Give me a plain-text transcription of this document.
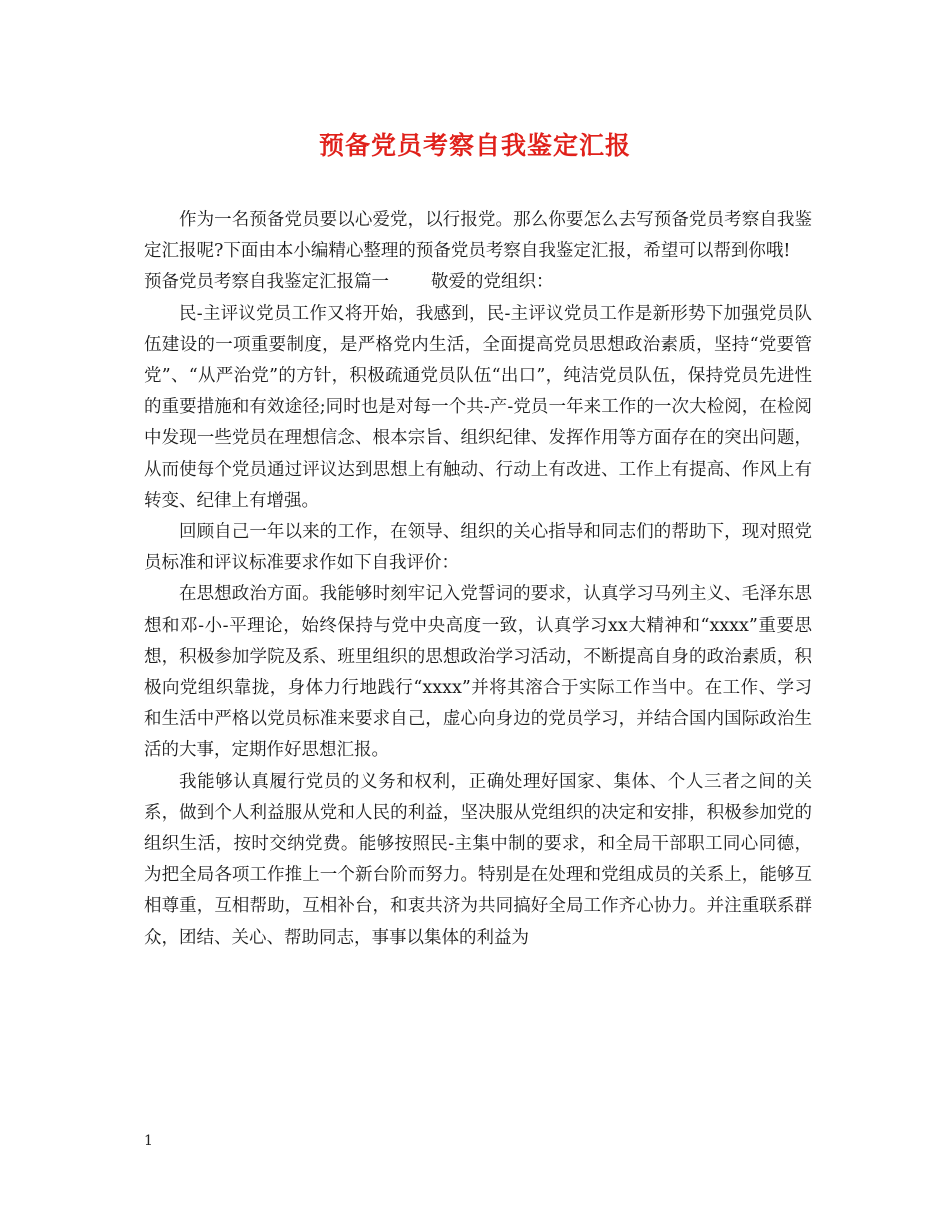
预备党员考察自我鉴定汇报

作为一名预备党员要以心爱党，以行报党。那么你要怎么去写预备党员考察自我鉴定汇报呢?下面由本小编精心整理的预备党员考察自我鉴定汇报，希望可以帮到你哦!

预备党员考察自我鉴定汇报篇一 敬爱的党组织：

民-主评议党员工作又将开始，我感到，民-主评议党员工作是新形势下加强党员队伍建设的一项重要制度，是严格党内生活，全面提高党员思想政治素质，坚持“党要管党”、“从严治党”的方针，积极疏通党员队伍“出口”，纯洁党员队伍，保持党员先进性的重要措施和有效途径;同时也是对每一个共-产-党员一年来工作的一次大检阅，在检阅中发现一些党员在理想信念、根本宗旨、组织纪律、发挥作用等方面存在的突出问题，从而使每个党员通过评议达到思想上有触动、行动上有改进、工作上有提高、作风上有转变、纪律上有增强。

回顾自己一年以来的工作，在领导、组织的关心指导和同志们的帮助下，现对照党员标准和评议标准要求作如下自我评价：

在思想政治方面。我能够时刻牢记入党誓词的要求，认真学习马列主义、毛泽东思想和邓-小-平理论，始终保持与党中央高度一致，认真学习xx大精神和“xxxx”重要思想，积极参加学院及系、班里组织的思想政治学习活动，不断提高自身的政治素质，积极向党组织靠拢，身体力行地践行“xxxx”并将其溶合于实际工作当中。在工作、学习和生活中严格以党员标准来要求自己，虚心向身边的党员学习，并结合国内国际政治生活的大事，定期作好思想汇报。

我能够认真履行党员的义务和权利，正确处理好国家、集体、个人三者之间的关系，做到个人利益服从党和人民的利益，坚决服从党组织的决定和安排，积极参加党的组织生活，按时交纳党费。能够按照民-主集中制的要求，和全局干部职工同心同德，为把全局各项工作推上一个新台阶而努力。特别是在处理和党组成员的关系上，能够互相尊重，互相帮助，互相补台，和衷共济为共同搞好全局工作齐心协力。并注重联系群众，团结、关心、帮助同志，事事以集体的利益为

1
